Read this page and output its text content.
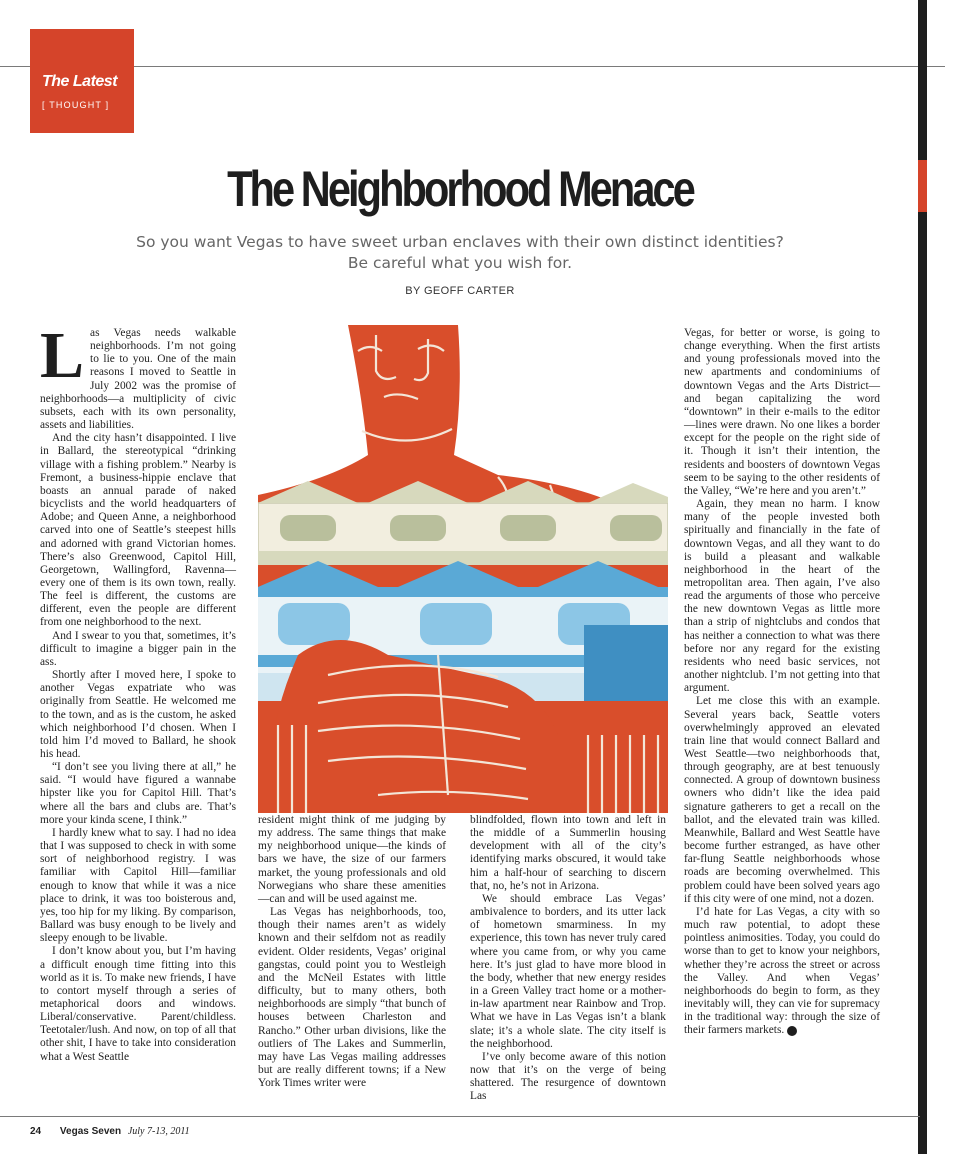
The Latest
[ THOUGHT ]
The Neighborhood Menace
So you want Vegas to have sweet urban enclaves with their own distinct identities?
Be careful what you wish for.
BY GEOFF CARTER

Las Vegas needs walkable neighborhoods. I’m not going to lie to you. One of the main reasons I moved to Seattle in July 2002 was the promise of neighborhoods—a multiplicity of civic subsets, each with its own personality, assets and liabilities.

And the city hasn’t disappointed. I live in Ballard, the stereotypical “drinking village with a fishing problem.” Nearby is Fremont, a business-hippie enclave that boasts an annual parade of naked bicyclists and the world headquarters of Adobe; and Queen Anne, a neighborhood carved into one of Seattle’s steepest hills and adorned with grand Victorian homes. There’s also Greenwood, Capitol Hill, Georgetown, Wallingford, Ravenna—every one of them is its own town, really. The feel is different, the customs are different, even the people are different from one neighborhood to the next.

And I swear to you that, sometimes, it’s difficult to imagine a bigger pain in the ass.

Shortly after I moved here, I spoke to another Vegas expatriate who was originally from Seattle. He welcomed me to the town, and as is the custom, he asked which neighborhood I’d chosen. When I told him I’d moved to Ballard, he shook his head.

“I don’t see you living there at all,” he said. “I would have figured a wannabe hipster like you for Capitol Hill. That’s where all the bars and clubs are. That’s more your kinda scene, I think.”

I hardly knew what to say. I had no idea that I was supposed to check in with some sort of neighborhood registry. I was familiar with Capitol Hill—familiar enough to know that while it was a nice place to drink, it was too boisterous and, yes, too hip for my liking. By comparison, Ballard was busy enough to be lively and sleepy enough to be livable.

I don’t know about you, but I’m having a difficult enough time fitting into this world as it is. To make new friends, I have to contort myself through a series of metaphorical doors and windows. Liberal/conservative. Parent/childless. Teetotaler/lush. And now, on top of all that other shit, I have to take into consideration what a West Seattle

resident might think of me judging by my address. The same things that make my neighborhood unique—the kinds of bars we have, the size of our farmers market, the young professionals and old Norwegians who share these amenities—can and will be used against me.

Las Vegas has neighborhoods, too, though their names aren’t as widely known and their selfdom not as readily evident. Older residents, Vegas’ original gangstas, could point you to Westleigh and the McNeil Estates with little difficulty, but to many others, both neighborhoods are simply “that bunch of houses between Charleston and Rancho.” Other urban divisions, like the outliers of The Lakes and Summerlin, may have Las Vegas mailing addresses but are really different towns; if a New York Times writer were

blindfolded, flown into town and left in the middle of a Summerlin housing development with all of the city’s identifying marks obscured, it would take him a half-hour of searching to discern that, no, he’s not in Arizona.

We should embrace Las Vegas’ ambivalence to borders, and its utter lack of hometown smarminess. In my experience, this town has never truly cared where you came from, or why you came here. It’s just glad to have more blood in the body, whether that new energy resides in a Green Valley tract home or a mother-in-law apartment near Rainbow and Trop. What we have in Las Vegas isn’t a blank slate; it’s a whole slate. The city itself is the neighborhood.

I’ve only become aware of this notion now that it’s on the verge of being shattered. The resurgence of downtown Las

Vegas, for better or worse, is going to change everything. When the first artists and young professionals moved into the new apartments and condominiums of downtown Vegas and the Arts District—and began capitalizing the word “downtown” in their e-mails to the editor—lines were drawn. No one likes a border except for the people on the right side of it. Though it isn’t their intention, the residents and boosters of downtown Vegas seem to be saying to the other residents of the Valley, “We’re here and you aren’t.”

Again, they mean no harm. I know many of the people invested both spiritually and financially in the fate of downtown Vegas, and all they want to do is build a pleasant and walkable neighborhood in the heart of the metropolitan area. Then again, I’ve also read the arguments of those who perceive the new downtown Vegas as little more than a strip of nightclubs and condos that has neither a connection to what was there before nor any regard for the existing residents who need basic services, not another nightclub. I’m not getting into that argument.

Let me close this with an example. Several years back, Seattle voters overwhelmingly approved an elevated train line that would connect Ballard and West Seattle—two neighborhoods that, through geography, are at best tenuously connected. A group of downtown business owners who didn’t like the idea paid signature gatherers to get a recall on the ballot, and the elevated train was killed. Meanwhile, Ballard and West Seattle have become further estranged, as have other far-flung Seattle neighborhoods whose roads are becoming overwhelmed. This problem could have been solved years ago if this city were of one mind, not a dozen.

I’d hate for Las Vegas, a city with so much raw potential, to adopt these pointless animosities. Today, you could do worse than to get to know your neighbors, whether they’re across the street or across the Valley. And when Vegas’ neighborhoods do begin to form, as they inevitably will, they can vie for supremacy in the traditional way: through the size of their farmers markets. 7

24 Vegas Seven July 7-13, 2011
